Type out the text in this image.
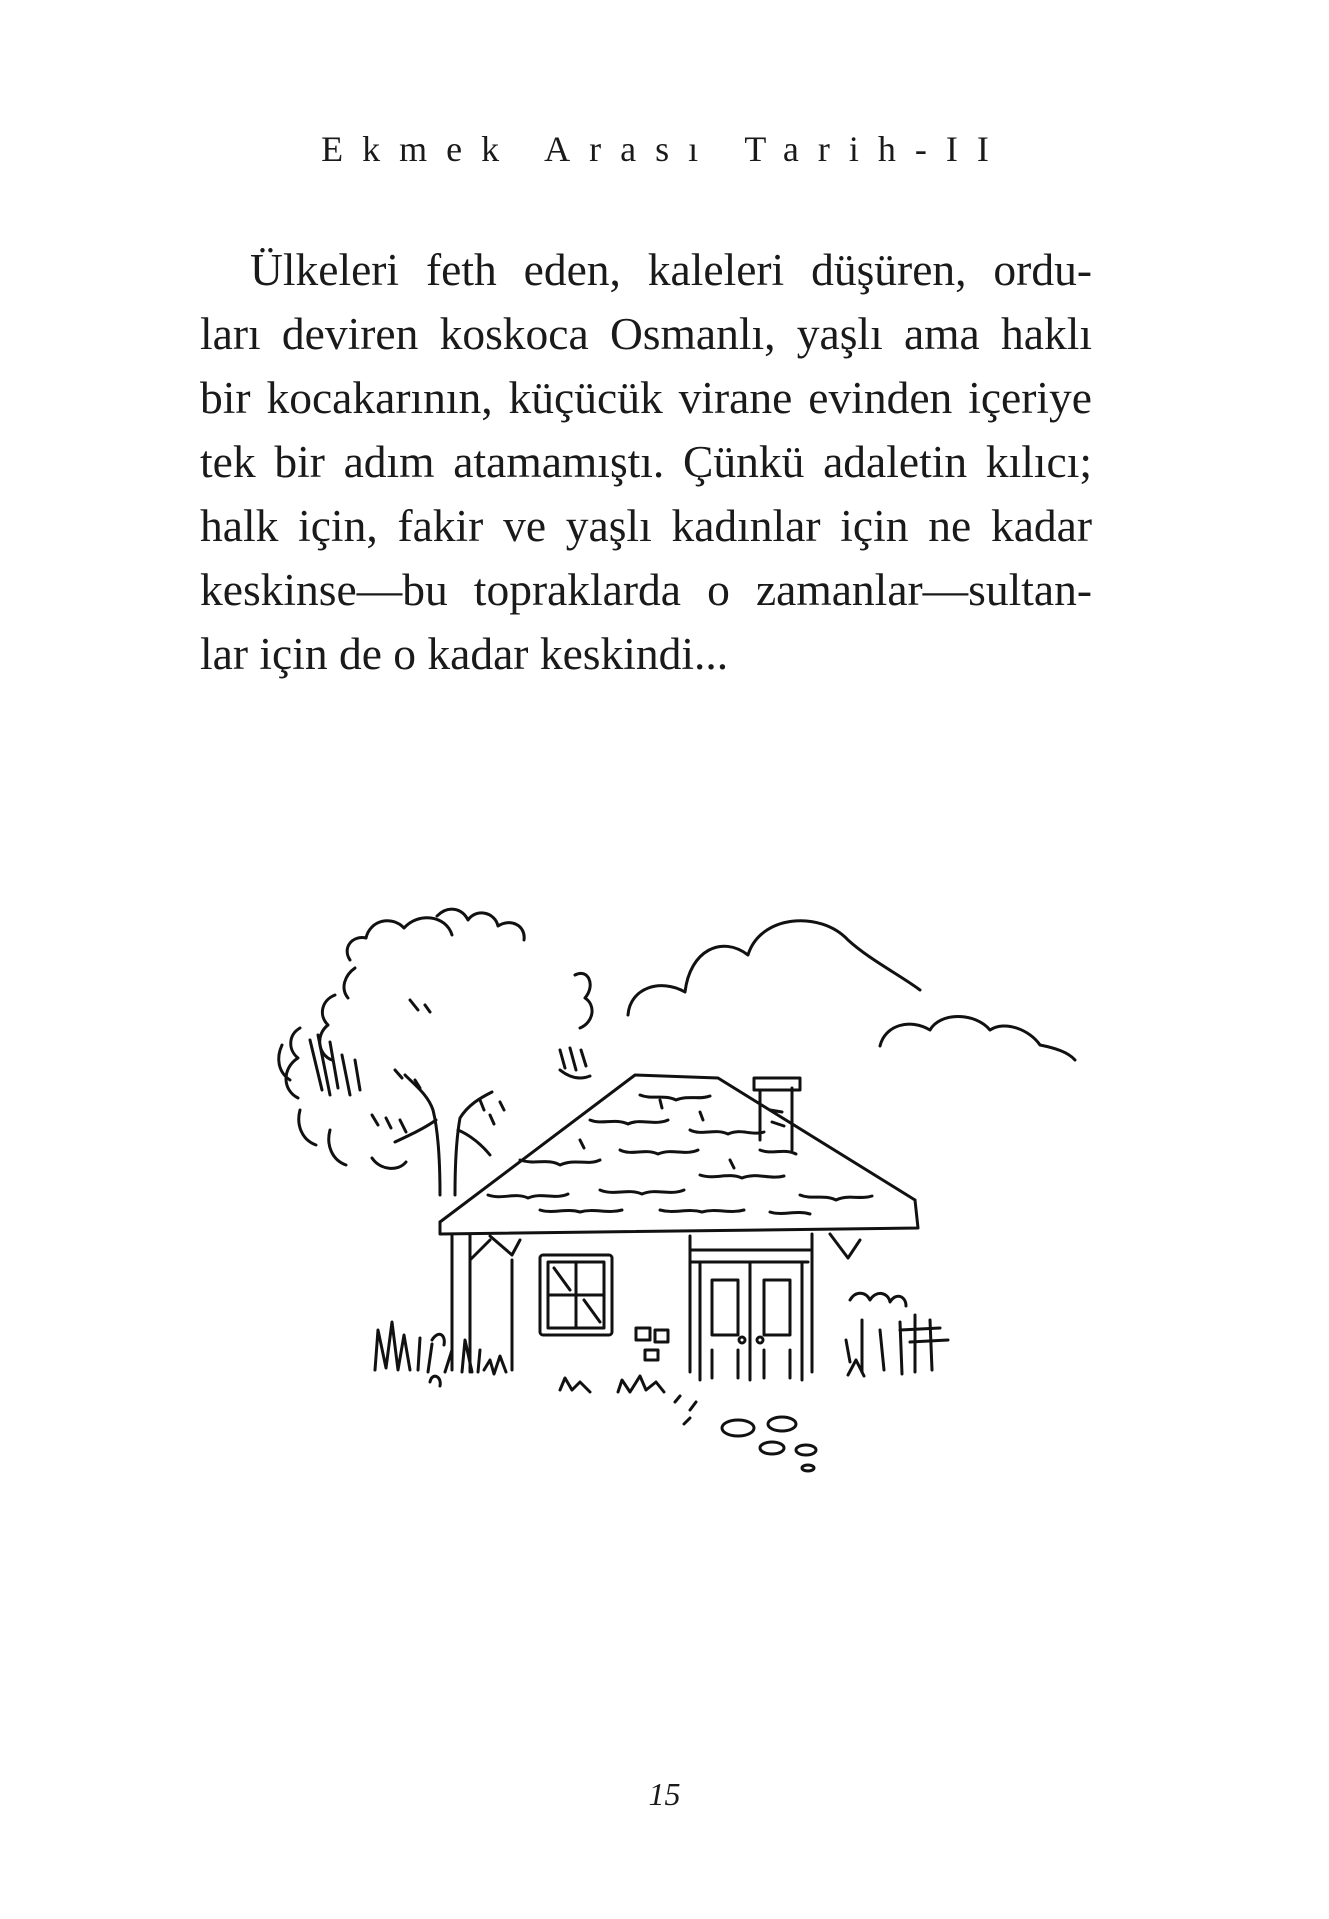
Ekmek Arası Tarih-II
Ülkeleri feth eden, kaleleri düşüren, ordu-
ları deviren koskoca Osmanlı, yaşlı ama haklı
bir kocakarının, küçücük virane evinden içeriye
tek bir adım atamamıştı. Çünkü adaletin kılıcı;
halk için, fakir ve yaşlı kadınlar için ne kadar
keskinse—bu topraklarda o zamanlar—sultan-
lar için de o kadar keskindi...
15
